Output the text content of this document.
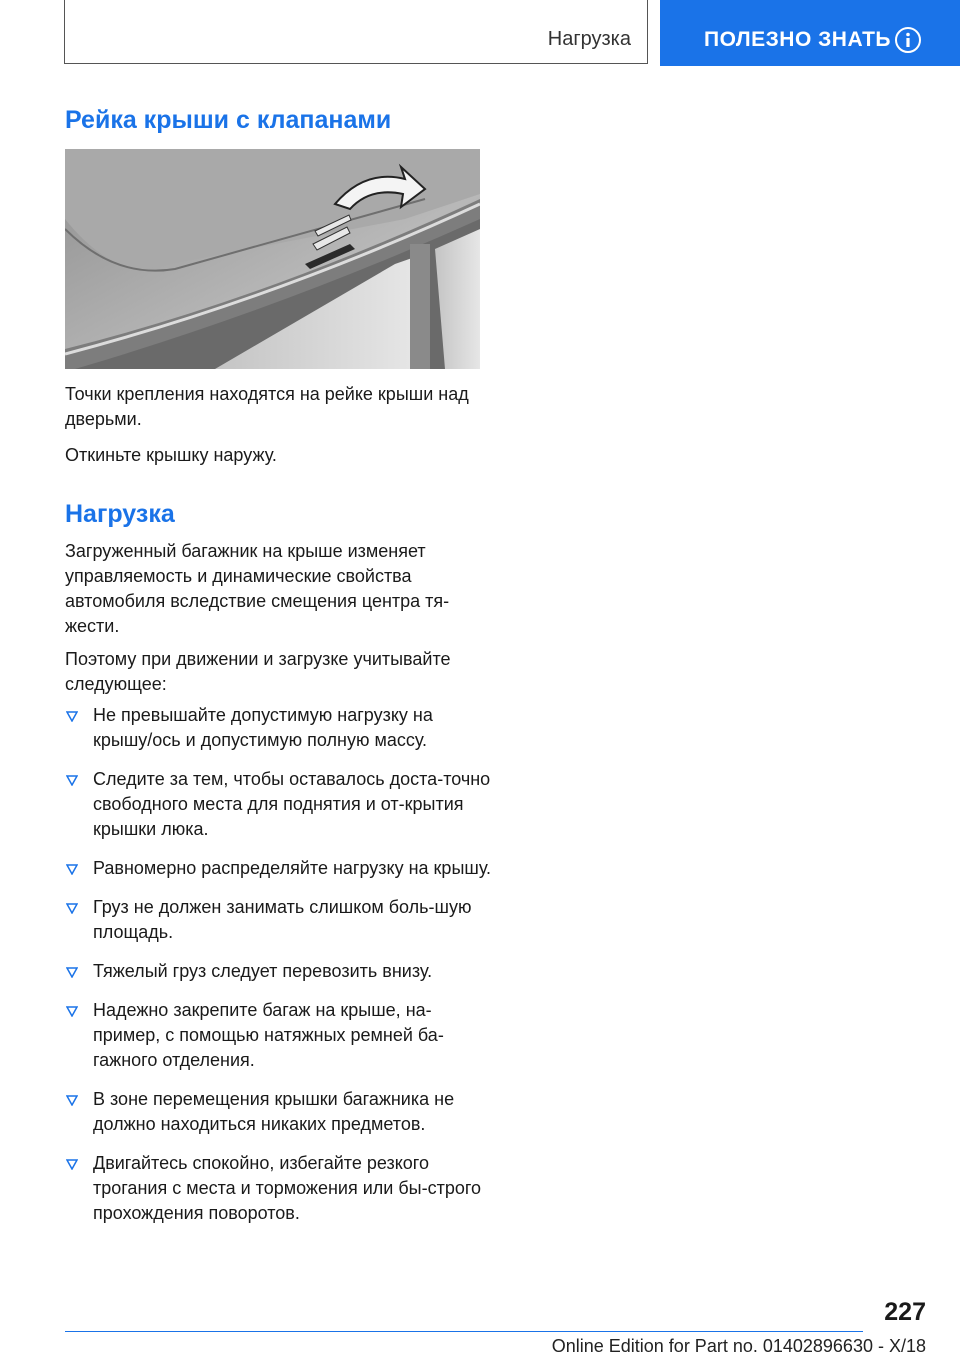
Нагрузка	ПОЛЕЗНО ЗНАТЬ
Рейка крыши с клапанами

Точки крепления находятся на рейке крыши над дверьми.

Откиньте крышку наружу.

Нагрузка

Загруженный багажник на крыше изменяет управляемость и динамические свойства автомобиля вследствие смещения центра тя-жести.

Поэтому при движении и загрузке учитывайте следующее:

Не превышайте допустимую нагрузку на крышу/ось и допустимую полную массу.
Следите за тем, чтобы оставалось доста-точно свободного места для поднятия и от-крытия крышки люка.
Равномерно распределяйте нагрузку на крышу.
Груз не должен занимать слишком боль-шую площадь.
Тяжелый груз следует перевозить внизу.
Надежно закрепите багаж на крыше, на-пример, с помощью натяжных ремней ба-гажного отделения.
В зоне перемещения крышки багажника не должно находиться никаких предметов.
Двигайтесь спокойно, избегайте резкого трогания с места и торможения или бы-строго прохождения поворотов.
227
Online Edition for Part no. 01402896630 - X/18
